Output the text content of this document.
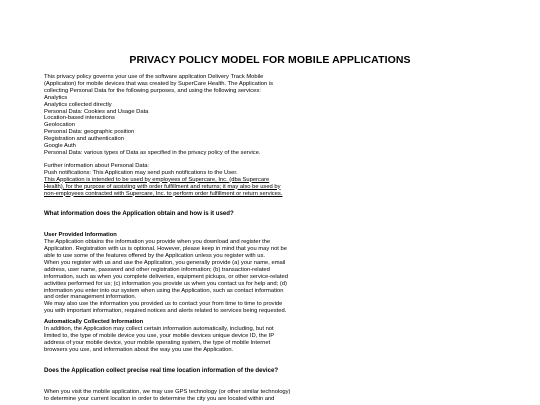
PRIVACY POLICY MODEL FOR MOBILE APPLICATIONS
This privacy policy governs your use of the software application Delivery Track Mobile
(Application) for mobile devices that was created by SuperCare Health. The Application is
collecting Personal Data for the following purposes, and using the following services:
Analytics
Analytics collected directly
Personal Data: Cookies and Usage Data
Location-based interactions
Geolocation
Personal Data: geographic position
Registration and authentication
Google Auth
Personal Data: various types of Data as specified in the privacy policy of the service.
Further information about Personal Data:
Push notifications: This Application may send push notifications to the User.
This Application is intended to be used by employees of Supercare, Inc. (dba Supercare
Health), for the purpose of assisting with order fulfillment and returns; it may also be used by
non-employees contracted with Supercare, Inc. to perform order fulfillment or return services.
What information does the Application obtain and how is it used?
User Provided Information
The Application obtains the information you provide when you download and register the
Application. Registration with us is optional. However, please keep in mind that you may not be
able to use some of the features offered by the Application unless you register with us.
When you register with us and use the Application, you generally provide (a) your name, email
address, user name, password and other registration information; (b) transaction-related
information, such as when you complete deliveries, equipment pickups, or other service-related
activities performed for us; (c) information you provide us when you contact us for help and; (d)
information you enter into our system when using the Application, such as contact information
and order management information.
We may also use the information you provided us to contact your from time to time to provide
you with important information, required notices and alerts related to services being requested.
Automatically Collected Information
In addition, the Application may collect certain information automatically, including, but not
limited to, the type of mobile device you use, your mobile devices unique device ID, the IP
address of your mobile device, your mobile operating system, the type of mobile Internet
browsers you use, and information about the way you use the Application.
Does the Application collect precise real time location information of the device?
When you visit the mobile application, we may use GPS technology (or other similar technology)
to determine your current location in order to determine the city you are located within and
